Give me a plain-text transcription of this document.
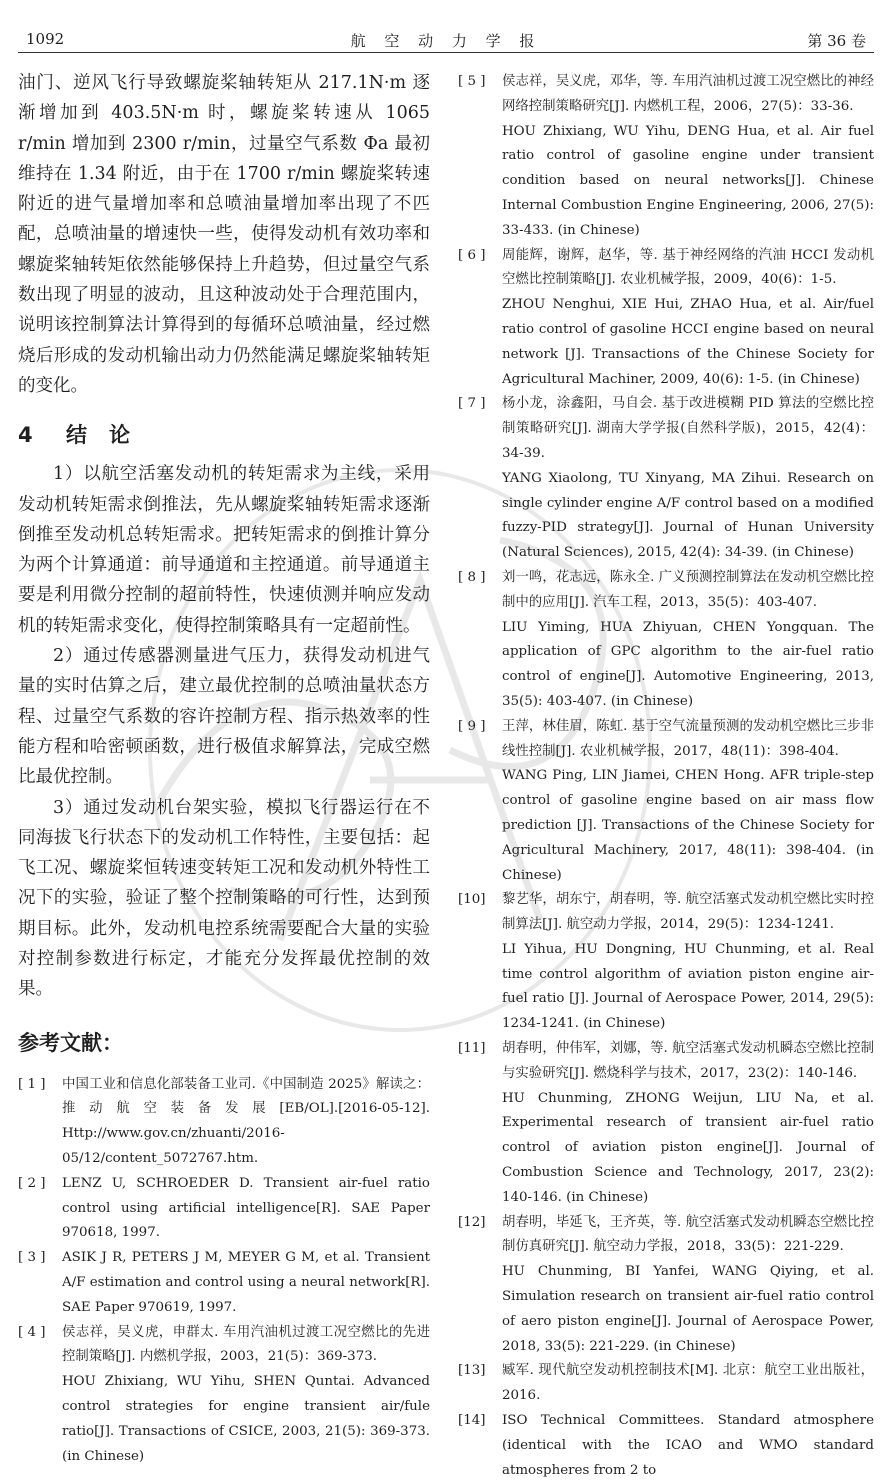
1092	航 空 动 力 学 报	第 36 卷

油门、逆风飞行导致螺旋桨轴转矩从 217.1N·m 逐渐增加到 403.5N·m 时，螺旋桨转速从 1065 r/min 增加到 2300 r/min，过量空气系数 Φa 最初维持在 1.34 附近，由于在 1700 r/min 螺旋桨转速附近的进气量增加率和总喷油量增加率出现了不匹配，总喷油量的增速快一些，使得发动机有效功率和螺旋桨轴转矩依然能够保持上升趋势，但过量空气系数出现了明显的波动，且这种波动处于合理范围内，说明该控制算法计算得到的每循环总喷油量，经过燃烧后形成的发动机输出动力仍然能满足螺旋桨轴转矩的变化。

4 结论

1）以航空活塞发动机的转矩需求为主线，采用发动机转矩需求倒推法，先从螺旋桨轴转矩需求逐渐倒推至发动机总转矩需求。把转矩需求的倒推计算分为两个计算通道：前导通道和主控通道。前导通道主要是利用微分控制的超前特性，快速侦测并响应发动机的转矩需求变化，使得控制策略具有一定超前性。

2）通过传感器测量进气压力，获得发动机进气量的实时估算之后，建立最优控制的总喷油量状态方程、过量空气系数的容许控制方程、指示热效率的性能方程和哈密顿函数，进行极值求解算法，完成空燃比最优控制。

3）通过发动机台架实验，模拟飞行器运行在不同海拔飞行状态下的发动机工作特性，主要包括：起飞工况、螺旋桨恒转速变转矩工况和发动机外特性工况下的实验，验证了整个控制策略的可行性，达到预期目标。此外，发动机电控系统需要配合大量的实验对控制参数进行标定，才能充分发挥最优控制的效果。

参考文献：
[ 1 ]	中国工业和信息化部装备工业司.《中国制造 2025》解读之：推动航空装备发展[EB/OL].[2016-05-12]. Http://www.gov.cn/zhuanti/2016-05/12/content_5072767.htm.
[ 2 ]	LENZ U, SCHROEDER D. Transient air-fuel ratio control using artificial intelligence[R]. SAE Paper 970618, 1997.
[ 3 ]	ASIK J R, PETERS J M, MEYER G M, et al. Transient A/F estimation and control using a neural network[R]. SAE Paper 970619, 1997.
[ 4 ]	侯志祥，吴义虎，申群太. 车用汽油机过渡工况空燃比的先进控制策略[J]. 内燃机学报，2003，21(5)：369-373.
HOU Zhixiang, WU Yihu, SHEN Quntai. Advanced control strategies for engine transient air/fule ratio[J]. Transactions of CSICE, 2003, 21(5): 369-373. (in Chinese)
[ 5 ]	侯志祥，吴义虎，邓华，等. 车用汽油机过渡工况空燃比的神经网络控制策略研究[J]. 内燃机工程，2006，27(5)：33-36.
HOU Zhixiang, WU Yihu, DENG Hua, et al. Air fuel ratio control of gasoline engine under transient condition based on neural networks[J]. Chinese Internal Combustion Engine Engineering, 2006, 27(5): 33-433. (in Chinese)
[ 6 ]	周能辉，谢辉，赵华，等. 基于神经网络的汽油 HCCI 发动机空燃比控制策略[J]. 农业机械学报，2009，40(6)：1-5.
ZHOU Nenghui, XIE Hui, ZHAO Hua, et al. Air/fuel ratio control of gasoline HCCI engine based on neural network [J]. Transactions of the Chinese Society for Agricultural Machiner, 2009, 40(6): 1-5. (in Chinese)
[ 7 ]	杨小龙，涂鑫阳，马自会. 基于改进模糊 PID 算法的空燃比控制策略研究[J]. 湖南大学学报(自然科学版)，2015，42(4)：34-39.
YANG Xiaolong, TU Xinyang, MA Zihui. Research on single cylinder engine A/F control based on a modified fuzzy-PID strategy[J]. Journal of Hunan University (Natural Sciences), 2015, 42(4): 34-39. (in Chinese)
[ 8 ]	刘一鸣，花志远，陈永全. 广义预测控制算法在发动机空燃比控制中的应用[J]. 汽车工程，2013，35(5)：403-407.
LIU Yiming, HUA Zhiyuan, CHEN Yongquan. The application of GPC algorithm to the air-fuel ratio control of engine[J]. Automotive Engineering, 2013, 35(5): 403-407. (in Chinese)
[ 9 ]	王萍，林佳眉，陈虹. 基于空气流量预测的发动机空燃比三步非线性控制[J]. 农业机械学报，2017，48(11)：398-404.
WANG Ping, LIN Jiamei, CHEN Hong. AFR triple-step control of gasoline engine based on air mass flow prediction [J]. Transactions of the Chinese Society for Agricultural Machinery, 2017, 48(11): 398-404. (in Chinese)
[10]	黎艺华，胡东宁，胡春明，等. 航空活塞式发动机空燃比实时控制算法[J]. 航空动力学报，2014，29(5)：1234-1241.
LI Yihua, HU Dongning, HU Chunming, et al. Real time control algorithm of aviation piston engine air-fuel ratio [J]. Journal of Aerospace Power, 2014, 29(5): 1234-1241. (in Chinese)
[11]	胡春明，仲伟军，刘娜，等. 航空活塞式发动机瞬态空燃比控制与实验研究[J]. 燃烧科学与技术，2017，23(2)：140-146.
HU Chunming, ZHONG Weijun, LIU Na, et al. Experimental research of transient air-fuel ratio control of aviation piston engine[J]. Journal of Combustion Science and Technology, 2017, 23(2): 140-146. (in Chinese)
[12]	胡春明，毕延飞，王齐英，等. 航空活塞式发动机瞬态空燃比控制仿真研究[J]. 航空动力学报，2018，33(5)：221-229.
HU Chunming, BI Yanfei, WANG Qiying, et al. Simulation research on transient air-fuel ratio control of aero piston engine[J]. Journal of Aerospace Power, 2018, 33(5): 221-229. (in Chinese)
[13]	臧军. 现代航空发动机控制技术[M]. 北京：航空工业出版社，2016.
[14]	ISO Technical Committees. Standard atmosphere (identical with the ICAO and WMO standard atmospheres from 2 to
